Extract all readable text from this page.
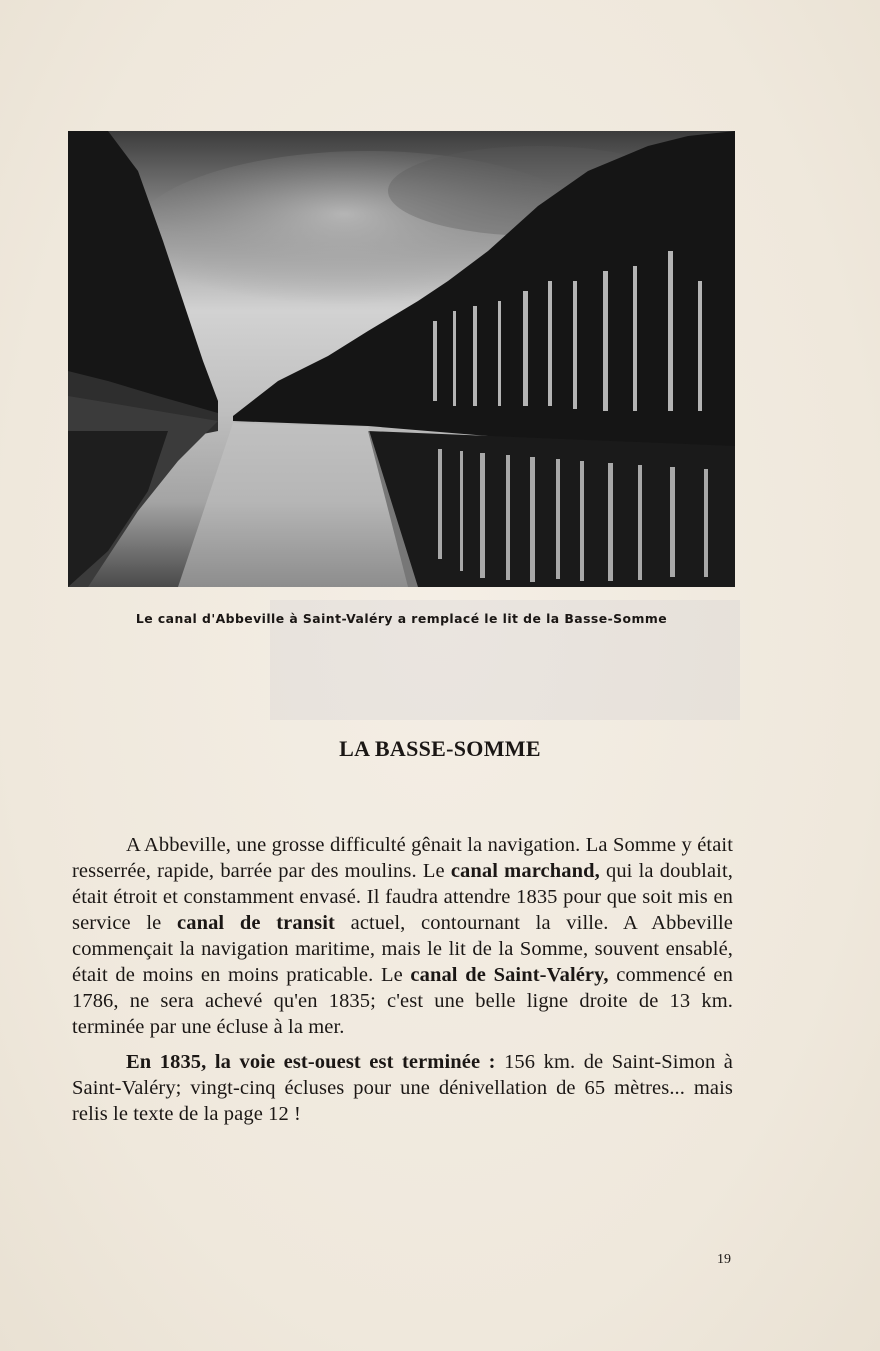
Le canal d'Abbeville à Saint-Valéry a remplacé le lit de la Basse-Somme
LA BASSE-SOMME

A Abbeville, une grosse difficulté gênait la navigation. La Somme y était resserrée, rapide, barrée par des moulins. Le canal marchand, qui la doublait, était étroit et constamment envasé. Il faudra attendre 1835 pour que soit mis en service le canal de transit actuel, contournant la ville. A Abbeville commençait la navigation maritime, mais le lit de la Somme, souvent ensablé, était de moins en moins praticable. Le canal de Saint-Valéry, commencé en 1786, ne sera achevé qu'en 1835; c'est une belle ligne droite de 13 km. terminée par une écluse à la mer.

En 1835, la voie est-ouest est terminée : 156 km. de Saint-Simon à Saint-Valéry; vingt-cinq écluses pour une dénivellation de 65 mètres... mais relis le texte de la page 12 !

19
